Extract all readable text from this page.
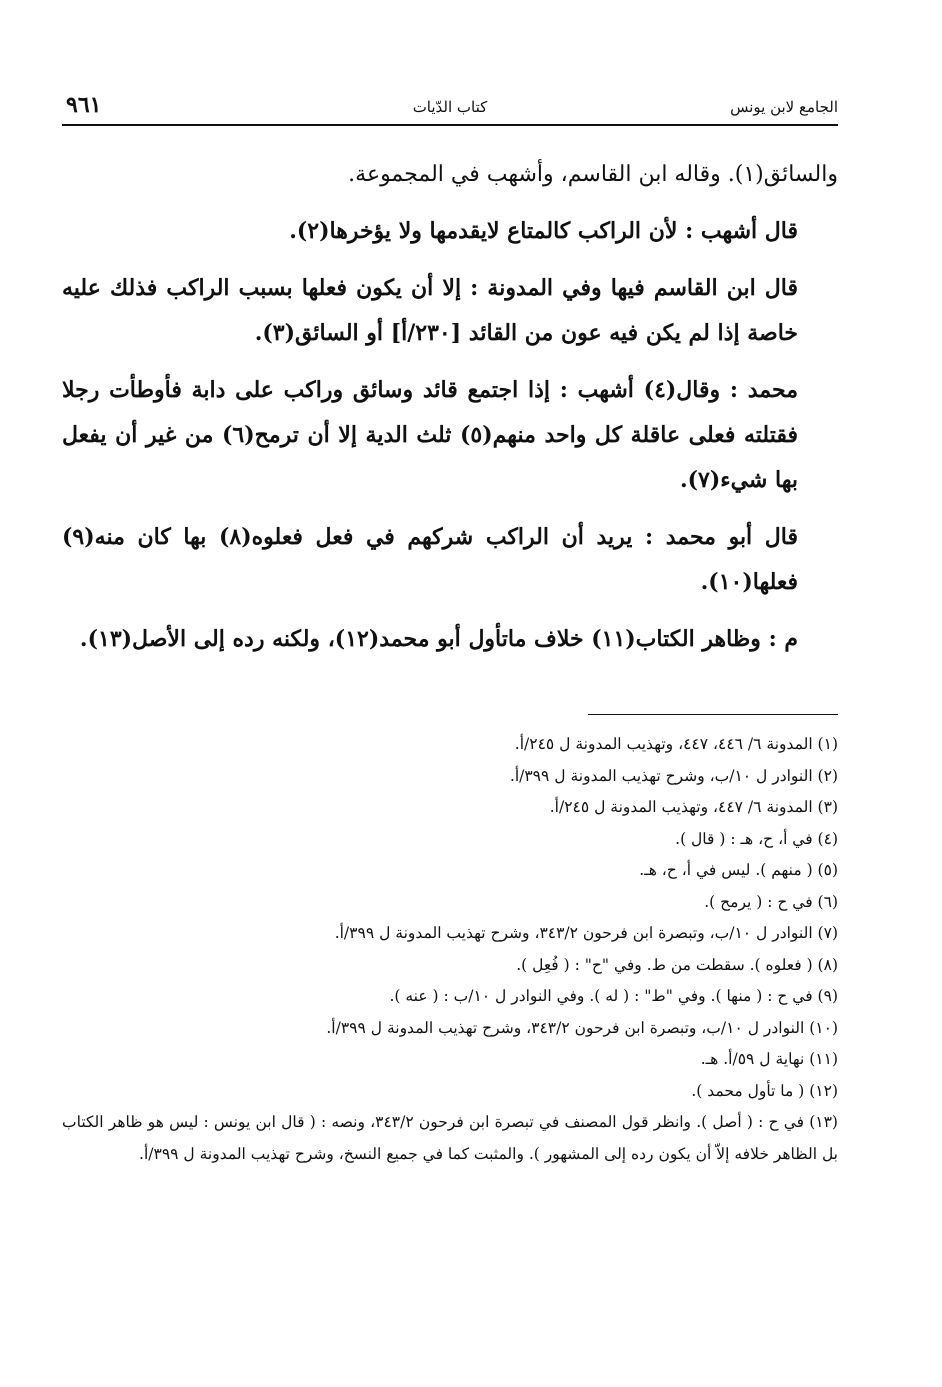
الجامع لابن يونس
كتاب الدّيات
٩٦١

والسائق(١). وقاله ابن القاسم، وأشهب في المجموعة.

قال أشهب : لأن الراكب كالمتاع لايقدمها ولا يؤخرها(٢).

قال ابن القاسم فيها وفي المدونة : إلا أن يكون فعلها بسبب الراكب فذلك عليه خاصة إذا لم يكن فيه عون من القائد [٢٣٠/أ] أو السائق(٣).

محمد : وقال(٤) أشهب : إذا اجتمع قائد وسائق وراكب على دابة فأوطأت رجلا فقتلته فعلى عاقلة كل واحد منهم(٥) ثلث الدية إلا أن ترمح(٦) من غير أن يفعل بها شيء(٧).

قال أبو محمد : يريد أن الراكب شركهم في فعل فعلوه(٨) بها كان منه(٩) فعلها(١٠).

م : وظاهر الكتاب(١١) خلاف ماتأول أبو محمد(١٢)، ولكنه رده إلى الأصل(١٣).

(١) المدونة ٦/ ٤٤٦، ٤٤٧، وتهذيب المدونة ل ٢٤٥/أ.
(٢) النوادر ل ١٠/ب، وشرح تهذيب المدونة ل ٣٩٩/أ.
(٣) المدونة ٦/ ٤٤٧، وتهذيب المدونة ل ٢٤٥/أ.
(٤) في أ، ح، هـ : ( قال ).
(٥) ( منهم ). ليس في أ، ح، هـ.
(٦) في ح : ( يرمح ).
(٧) النوادر ل ١٠/ب، وتبصرة ابن فرحون ٣٤٣/٢، وشرح تهذيب المدونة ل ٣٩٩/أ.
(٨) ( فعلوه ). سقطت من ط. وفي "ح" : ( فُعِل ).
(٩) في ح : ( منها ). وفي "ط" : ( له ). وفي النوادر ل ١٠/ب : ( عنه ).
(١٠) النوادر ل ١٠/ب، وتبصرة ابن فرحون ٣٤٣/٢، وشرح تهذيب المدونة ل ٣٩٩/أ.
(١١) نهاية ل ٥٩/أ. هـ.
(١٢) ( ما تأول محمد ).
(١٣) في ح : ( أصل ). وانظر قول المصنف في تبصرة ابن فرحون ٣٤٣/٢، ونصه : ( قال ابن يونس : ليس هو ظاهر الكتاب بل الظاهر خلافه إلاّ أن يكون رده إلى المشهور ). والمثبت كما في جميع النسخ، وشرح تهذيب المدونة ل ٣٩٩/أ.
